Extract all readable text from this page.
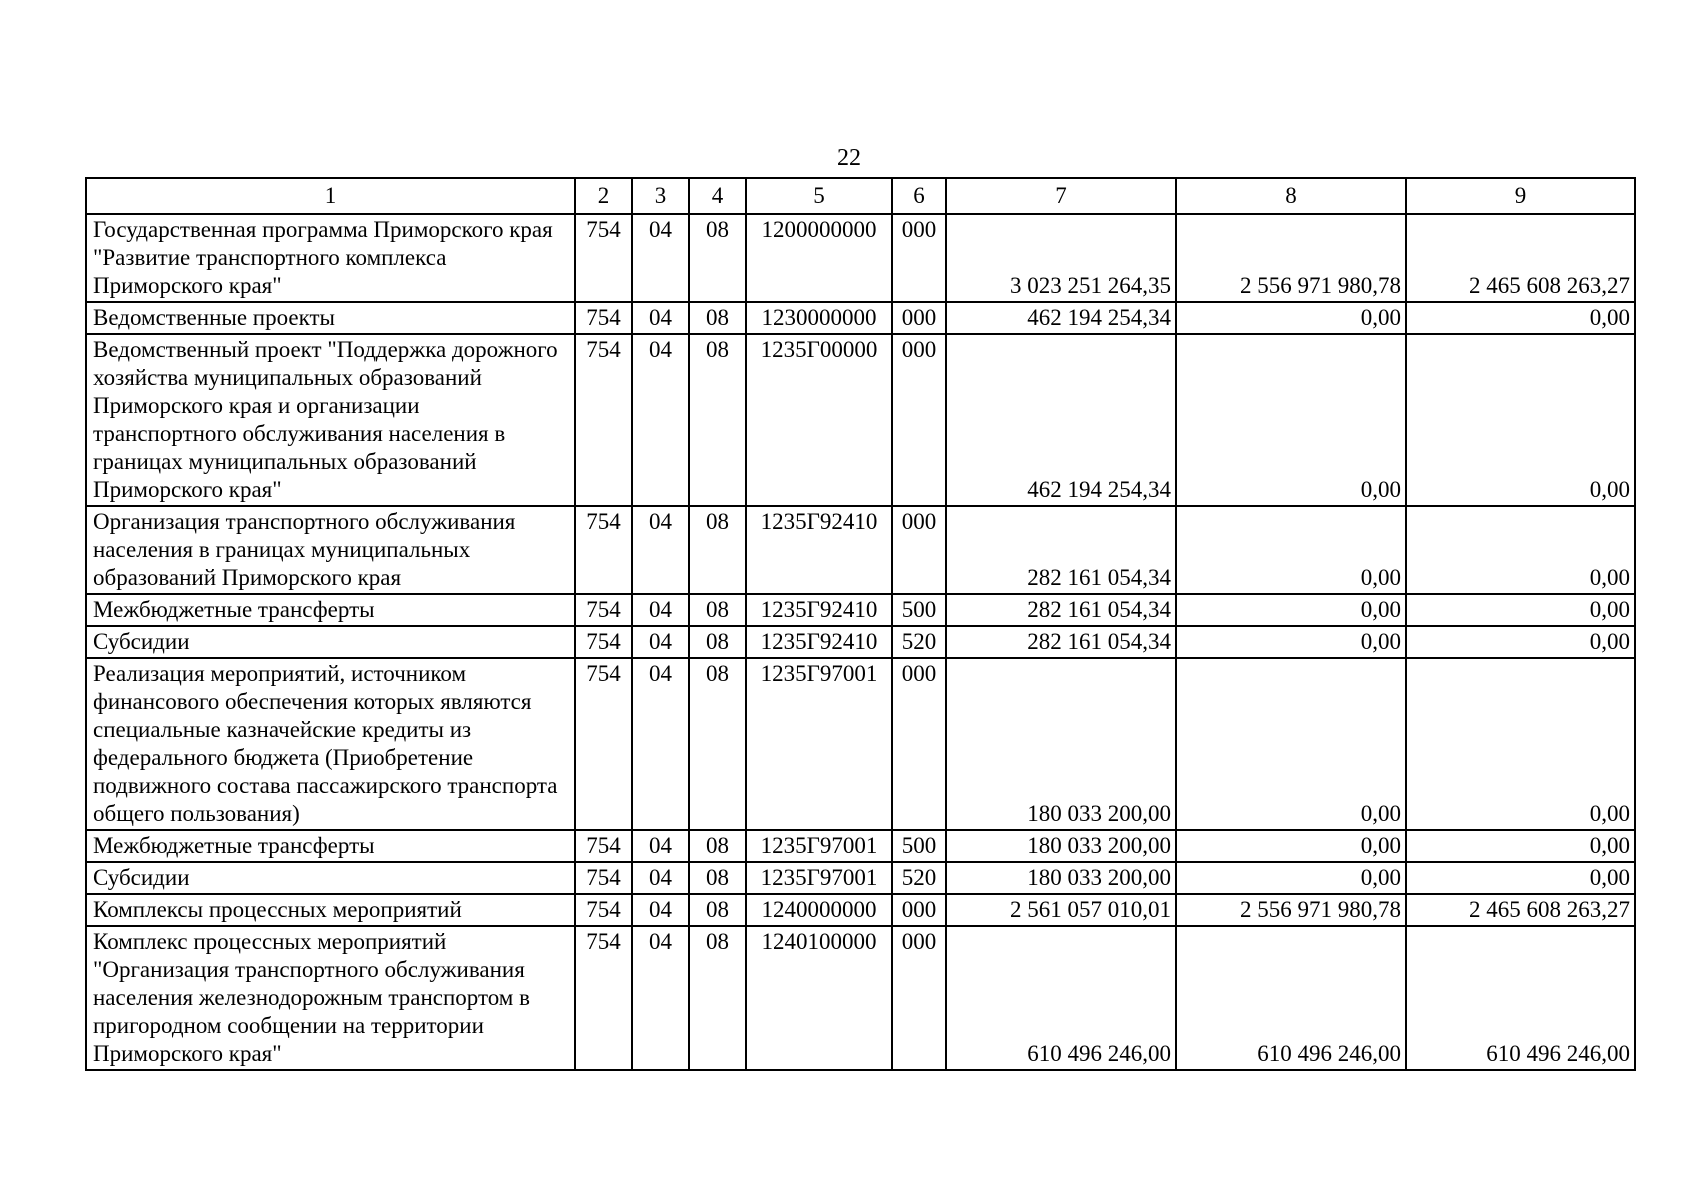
22
1	2	3	4	5	6	7	8	9
Государственная программа Приморского края "Развитие транспортного комплекса Приморского края"	754	04	08	1200000000	000	3 023 251 264,35	2 556 971 980,78	2 465 608 263,27
Ведомственные проекты	754	04	08	1230000000	000	462 194 254,34	0,00	0,00
Ведомственный проект "Поддержка дорожного хозяйства муниципальных образований Приморского края и организации транспортного обслуживания населения в границах муниципальных образований Приморского края"	754	04	08	1235Г00000	000	462 194 254,34	0,00	0,00
Организация транспортного обслуживания населения в границах муниципальных образований Приморского края	754	04	08	1235Г92410	000	282 161 054,34	0,00	0,00
Межбюджетные трансферты	754	04	08	1235Г92410	500	282 161 054,34	0,00	0,00
Субсидии	754	04	08	1235Г92410	520	282 161 054,34	0,00	0,00
Реализация мероприятий, источником финансового обеспечения которых являются специальные казначейские кредиты из федерального бюджета (Приобретение подвижного состава пассажирского транспорта общего пользования)	754	04	08	1235Г97001	000	180 033 200,00	0,00	0,00
Межбюджетные трансферты	754	04	08	1235Г97001	500	180 033 200,00	0,00	0,00
Субсидии	754	04	08	1235Г97001	520	180 033 200,00	0,00	0,00
Комплексы процессных мероприятий	754	04	08	1240000000	000	2 561 057 010,01	2 556 971 980,78	2 465 608 263,27
Комплекс процессных мероприятий "Организация транспортного обслуживания населения железнодорожным транспортом в пригородном сообщении на территории Приморского края"	754	04	08	1240100000	000	610 496 246,00	610 496 246,00	610 496 246,00
